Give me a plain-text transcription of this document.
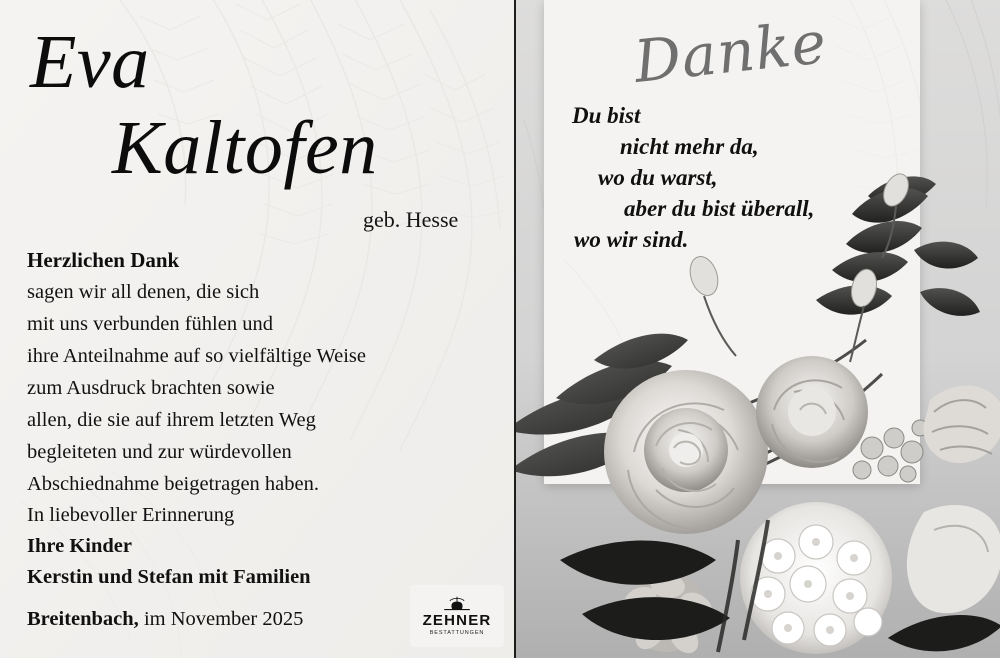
Eva
Kaltofen
geb. Hesse
Herzlichen Dank
sagen wir all denen, die sich
mit uns verbunden fühlen und
ihre Anteilnahme auf so vielfältige Weise
zum Ausdruck brachten sowie
allen, die sie auf ihrem letzten Weg
begleiteten und zur würdevollen
Abschiednahme beigetragen haben.
In liebevoller Erinnerung
Ihre Kinder
Kerstin und Stefan mit Familien
Breitenbach, im November 2025	ZEHNER
BESTATTUNGEN
Danke
Du bist
nicht mehr da,
wo du warst,
aber du bist überall,
wo wir sind.
